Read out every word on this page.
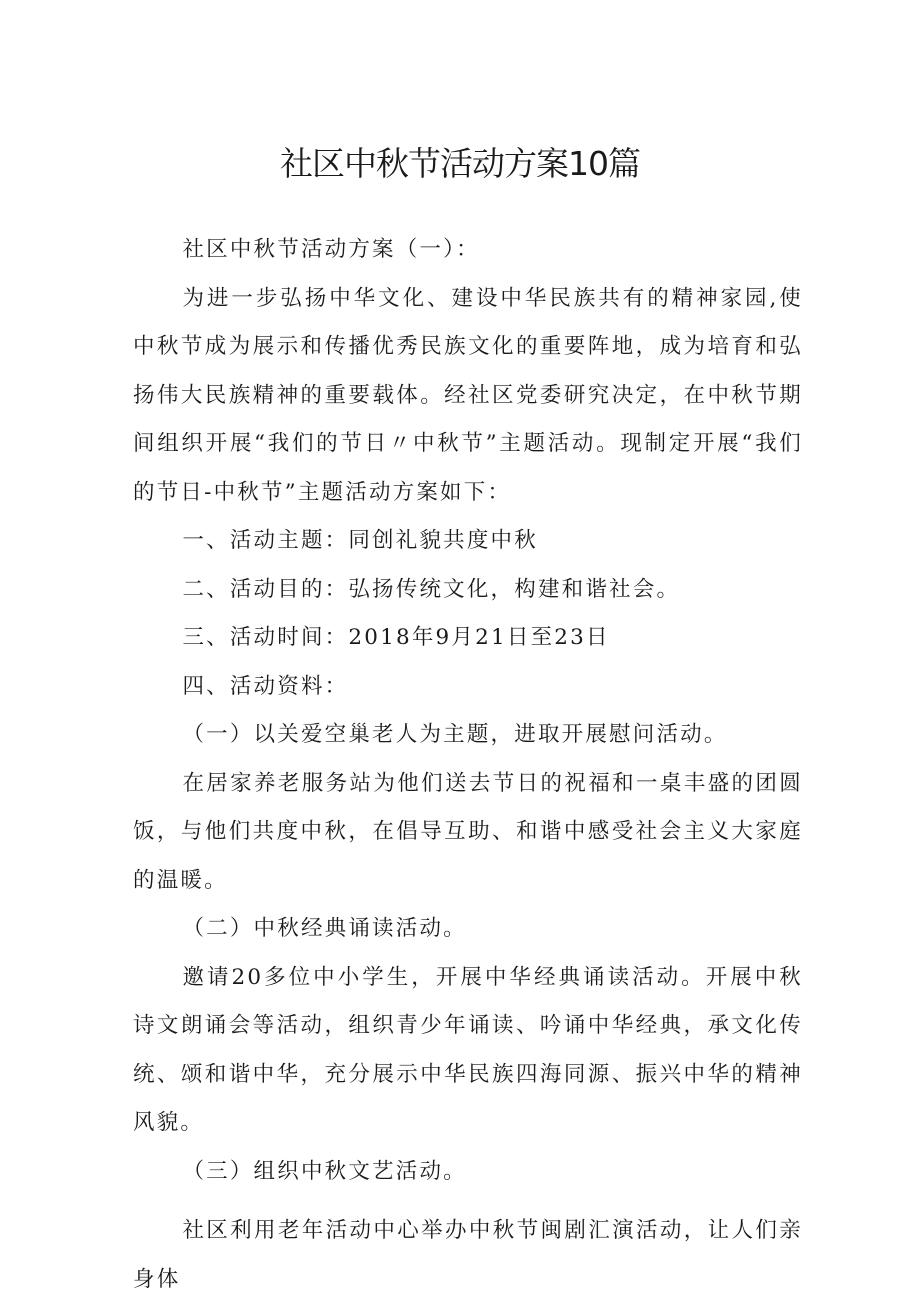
社区中秋节活动方案10篇

社区中秋节活动方案（一）：

为进一步弘扬中华文化、建设中华民族共有的精神家园,使中秋节成为展示和传播优秀民族文化的重要阵地，成为培育和弘扬伟大民族精神的重要载体。经社区党委研究决定，在中秋节期间组织开展“我们的节日〃中秋节”主题活动。现制定开展“我们的节日-中秋节”主题活动方案如下：

一、活动主题：同创礼貌共度中秋

二、活动目的：弘扬传统文化，构建和谐社会。

三、活动时间：2018年9月21日至23日

四、活动资料：

（一）以关爱空巢老人为主题，进取开展慰问活动。

在居家养老服务站为他们送去节日的祝福和一桌丰盛的团圆饭，与他们共度中秋，在倡导互助、和谐中感受社会主义大家庭的温暖。

（二）中秋经典诵读活动。

邀请20多位中小学生，开展中华经典诵读活动。开展中秋诗文朗诵会等活动，组织青少年诵读、吟诵中华经典，承文化传统、颂和谐中华，充分展示中华民族四海同源、振兴中华的精神风貌。

（三）组织中秋文艺活动。

社区利用老年活动中心举办中秋节闽剧汇演活动，让人们亲身体
